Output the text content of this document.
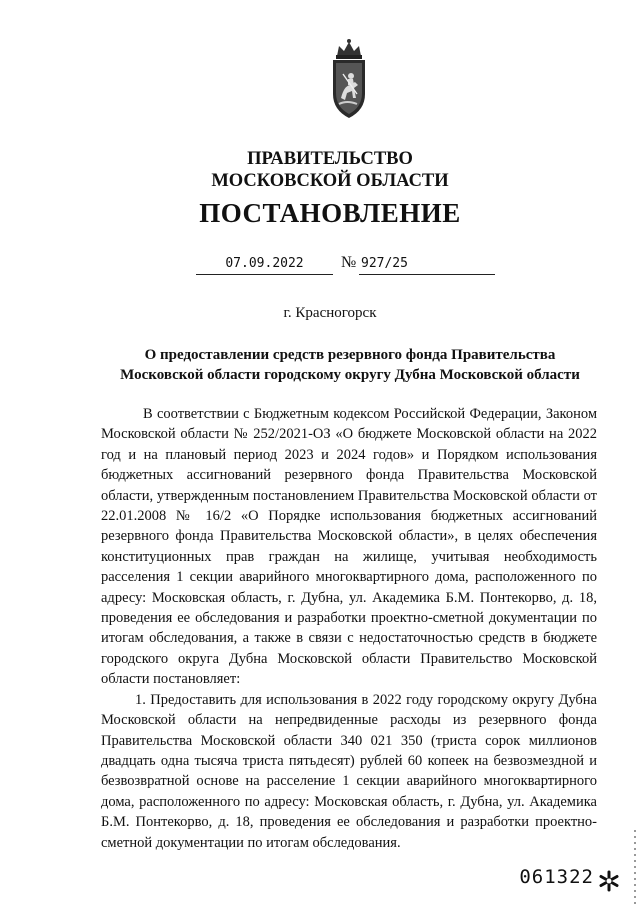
ПРАВИТЕЛЬСТВО
МОСКОВСКОЙ ОБЛАСТИ
ПОСТАНОВЛЕНИЕ
07.09.2022	№ 927/25
г. Красногорск
О предоставлении средств резервного фонда Правительства
Московской области городскому округу Дубна Московской области

В соответствии с Бюджетным кодексом Российской Федерации, Законом Московской области № 252/2021-ОЗ «О бюджете Московской области на 2022 год и на плановый период 2023 и 2024 годов» и Порядком использования бюджетных ассигнований резервного фонда Правительства Московской области, утвержденным постановлением Правительства Московской области от 22.01.2008 № 16/2 «О Порядке использования бюджетных ассигнований резервного фонда Правительства Московской области», в целях обеспечения конституционных прав граждан на жилище, учитывая необходимость расселения 1 секции аварийного многоквартирного дома, расположенного по адресу: Московская область, г. Дубна, ул. Академика Б.М. Понтекорво, д. 18, проведения ее обследования и разработки проектно-сметной документации по итогам обследования, а также в связи с недостаточностью средств в бюджете городского округа Дубна Московской области Правительство Московской области постановляет:

1. Предоставить для использования в 2022 году городскому округу Дубна Московской области на непредвиденные расходы из резервного фонда Правительства Московской области 340 021 350 (триста сорок миллионов двадцать одна тысяча триста пятьдесят) рублей 60 копеек на безвозмездной и безвозвратной основе на расселение 1 секции аварийного многоквартирного дома, расположенного по адресу: Московская область, г. Дубна, ул. Академика Б.М. Понтекорво, д. 18, проведения ее обследования и разработки проектно-сметной документации по итогам обследования.

061322
